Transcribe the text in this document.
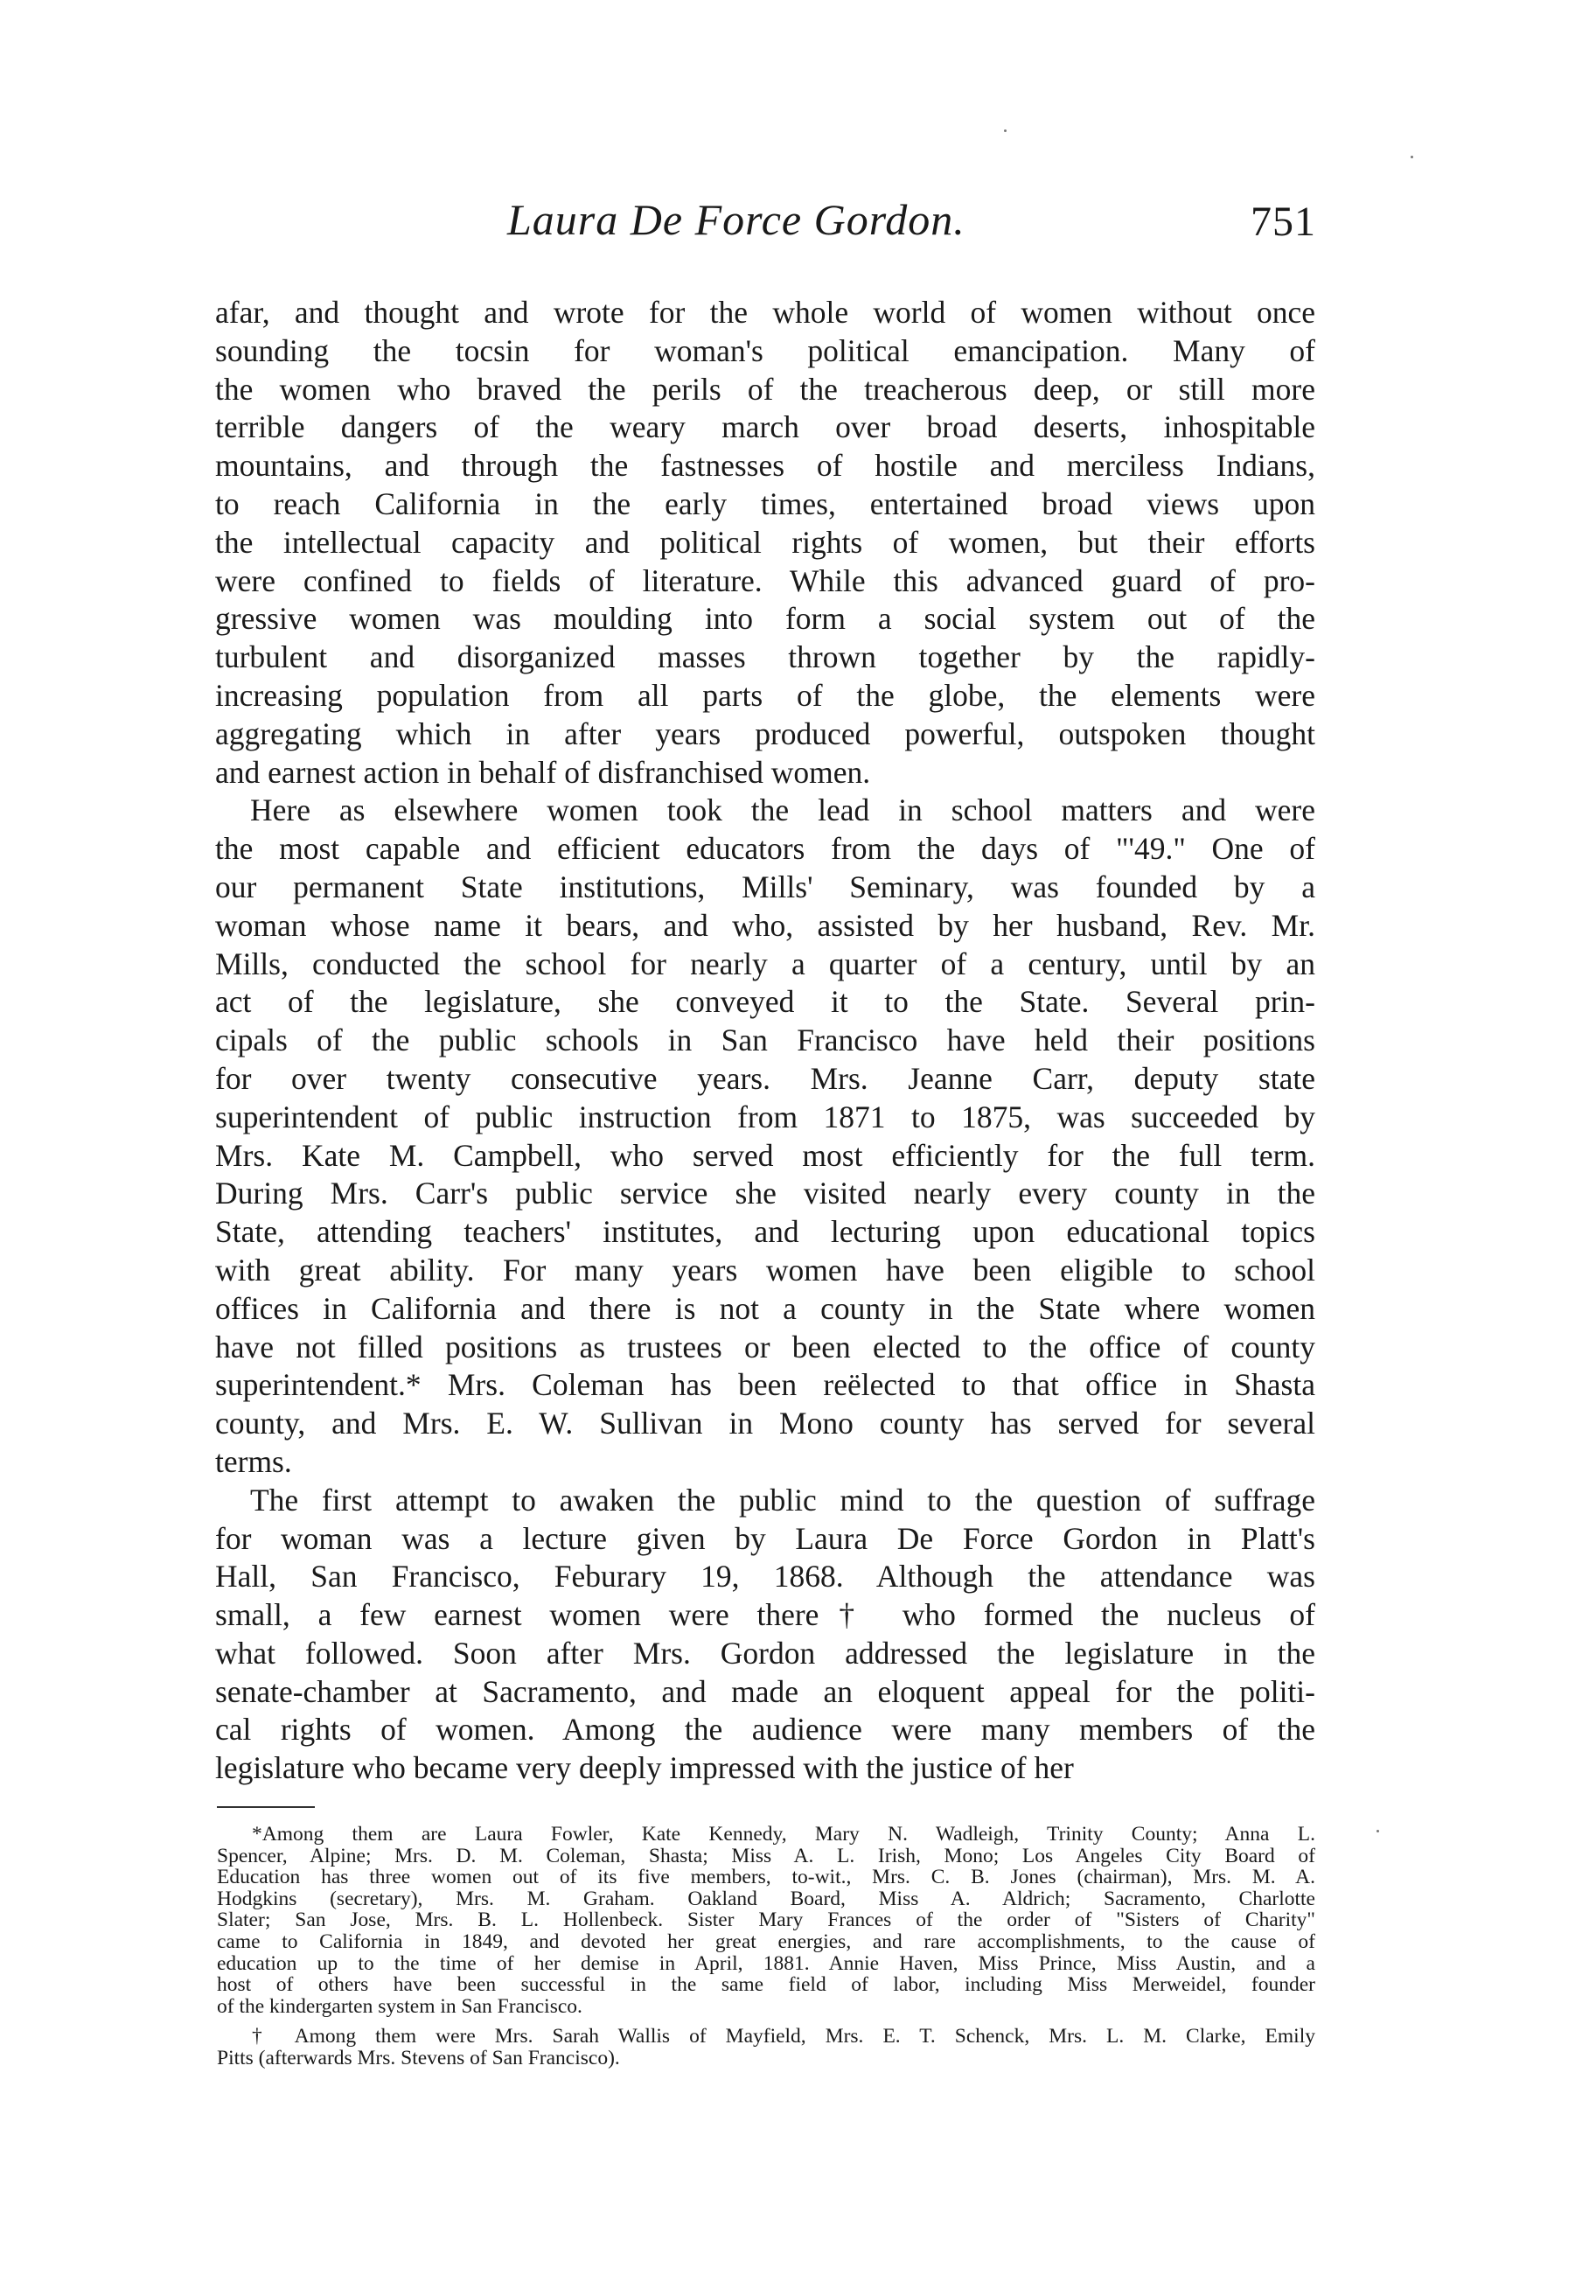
Laura De Force Gordon.	751

afar, and thought and wrote for the whole world of women without once

sounding the tocsin for woman's political emancipation. Many of

the women who braved the perils of the treacherous deep, or still more

terrible dangers of the weary march over broad deserts, inhospitable

mountains, and through the fastnesses of hostile and merciless Indians,

to reach California in the early times, entertained broad views upon

the intellectual capacity and political rights of women, but their efforts

were confined to fields of literature. While this advanced guard of pro-

gressive women was moulding into form a social system out of the

turbulent and disorganized masses thrown together by the rapidly-

increasing population from all parts of the globe, the elements were

aggregating which in after years produced powerful, outspoken thought

and earnest action in behalf of disfranchised women.

Here as elsewhere women took the lead in school matters and were

the most capable and efficient educators from the days of "'49." One of

our permanent State institutions, Mills' Seminary, was founded by a

woman whose name it bears, and who, assisted by her husband, Rev. Mr.

Mills, conducted the school for nearly a quarter of a century, until by an

act of the legislature, she conveyed it to the State. Several prin-

cipals of the public schools in San Francisco have held their positions

for over twenty consecutive years. Mrs. Jeanne Carr, deputy state

superintendent of public instruction from 1871 to 1875, was succeeded by

Mrs. Kate M. Campbell, who served most efficiently for the full term.

During Mrs. Carr's public service she visited nearly every county in the

State, attending teachers' institutes, and lecturing upon educational topics

with great ability. For many years women have been eligible to school

offices in California and there is not a county in the State where women

have not filled positions as trustees or been elected to the office of county

superintendent.* Mrs. Coleman has been reëlected to that office in Shasta

county, and Mrs. E. W. Sullivan in Mono county has served for several

terms.

The first attempt to awaken the public mind to the question of suffrage

for woman was a lecture given by Laura De Force Gordon in Platt's

Hall, San Francisco, Feburary 19, 1868. Although the attendance was

small, a few earnest women were there† who formed the nucleus of

what followed. Soon after Mrs. Gordon addressed the legislature in the

senate-chamber at Sacramento, and made an eloquent appeal for the politi-

cal rights of women. Among the audience were many members of the

legislature who became very deeply impressed with the justice of her

*Among them are Laura Fowler, Kate Kennedy, Mary N. Wadleigh, Trinity County; Anna L.
Spencer, Alpine; Mrs. D. M. Coleman, Shasta; Miss A. L. Irish, Mono; Los Angeles City Board of
Education has three women out of its five members, to-wit., Mrs. C. B. Jones (chairman), Mrs. M. A.
Hodgkins (secretary), Mrs. M. Graham. Oakland Board, Miss A. Aldrich; Sacramento, Charlotte
Slater; San Jose, Mrs. B. L. Hollenbeck. Sister Mary Frances of the order of "Sisters of Charity"
came to California in 1849, and devoted her great energies, and rare accomplishments, to the cause of
education up to the time of her demise in April, 1881. Annie Haven, Miss Prince, Miss Austin, and a
host of others have been successful in the same field of labor, including Miss Merweidel, founder
of the kindergarten system in San Francisco.
† Among them were Mrs. Sarah Wallis of Mayfield, Mrs. E. T. Schenck, Mrs. L. M. Clarke, Emily
Pitts (afterwards Mrs. Stevens of San Francisco).
